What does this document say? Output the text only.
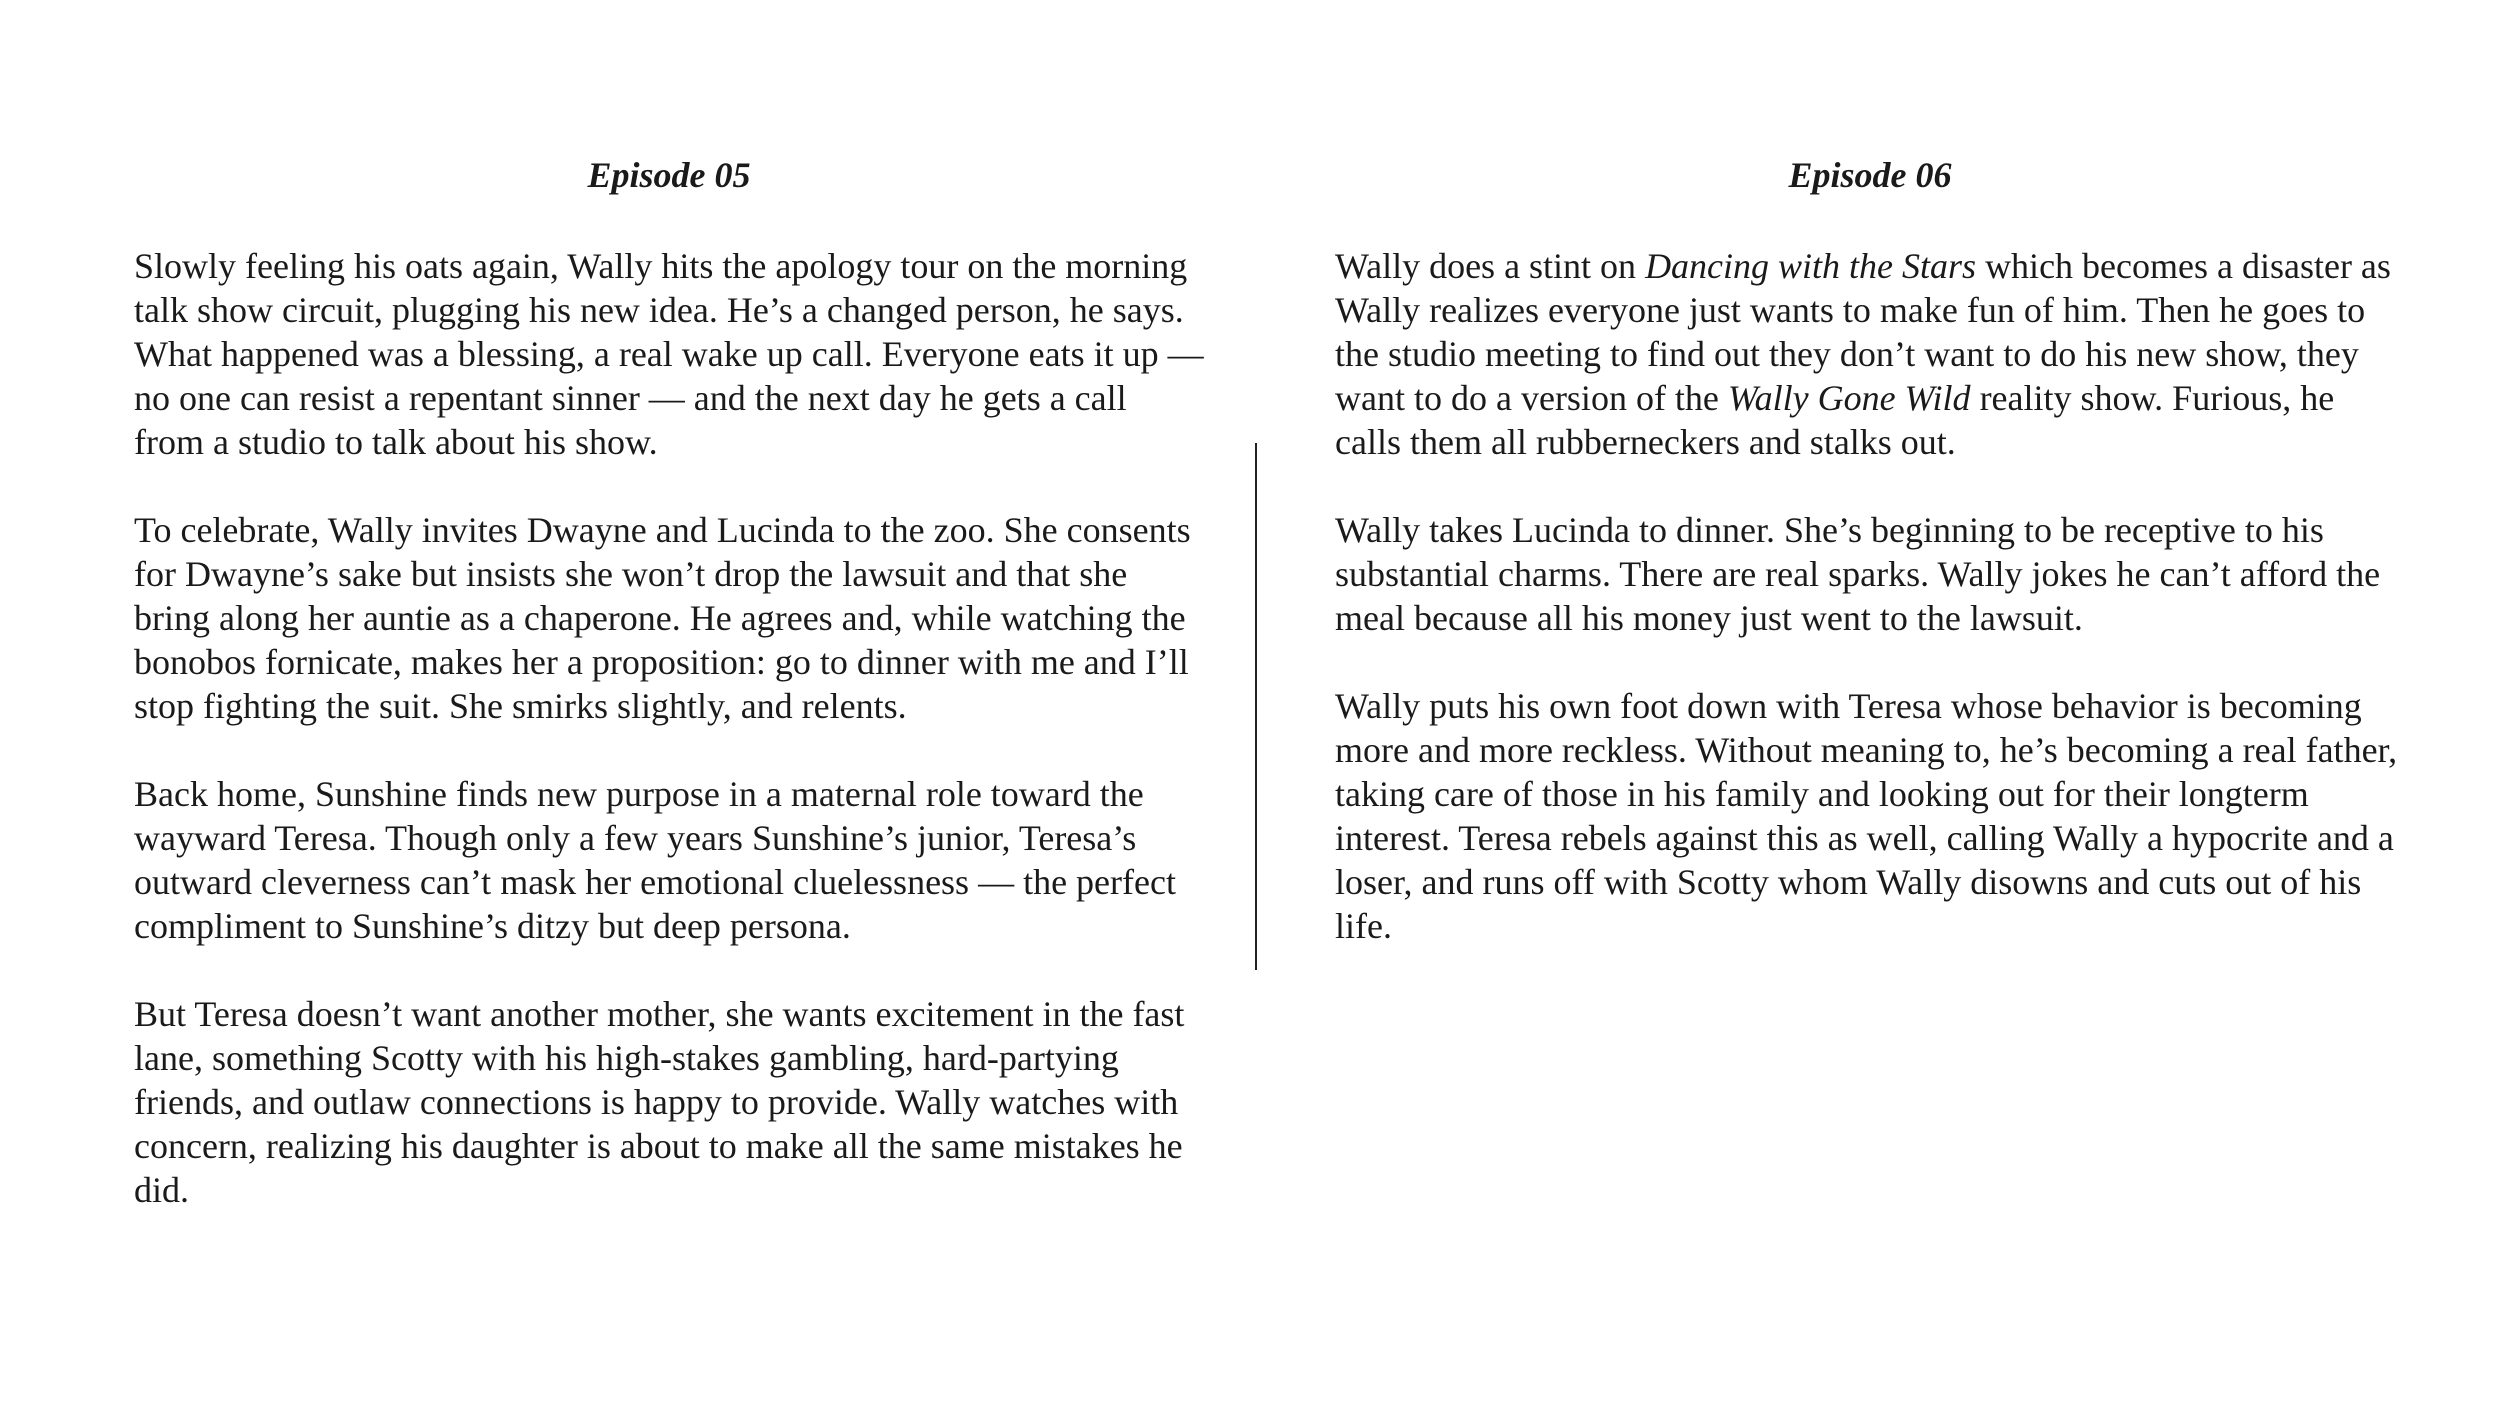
Episode 05

Slowly feeling his oats again, Wally hits the apology tour on the morning talk show circuit, plugging his new idea. He’s a changed person, he says. What happened was a blessing, a real wake up call. Everyone eats it up — no one can resist a repentant sinner — and the next day he gets a call from a studio to talk about his show.

To celebrate, Wally invites Dwayne and Lucinda to the zoo. She consents for Dwayne’s sake but insists she won’t drop the lawsuit and that she bring along her auntie as a chaperone. He agrees and, while watching the bonobos fornicate, makes her a proposition: go to dinner with me and I’ll stop fighting the suit. She smirks slightly, and relents.

Back home, Sunshine finds new purpose in a maternal role toward the wayward Teresa. Though only a few years Sunshine’s junior, Teresa’s outward cleverness can’t mask her emotional cluelessness — the perfect compliment to Sunshine’s ditzy but deep persona.

But Teresa doesn’t want another mother, she wants excitement in the fast lane, something Scotty with his high-stakes gambling, hard-partying friends, and outlaw connections is happy to provide. Wally watches with concern, realizing his daughter is about to make all the same mistakes he did.

Episode 06

Wally does a stint on Dancing with the Stars which becomes a disaster as Wally realizes everyone just wants to make fun of him. Then he goes to the studio meeting to find out they don’t want to do his new show, they want to do a version of the Wally Gone Wild reality show. Furious, he calls them all rubberneckers and stalks out.

Wally takes Lucinda to dinner. She’s beginning to be receptive to his substantial charms. There are real sparks. Wally jokes he can’t afford the meal because all his money just went to the lawsuit.

Wally puts his own foot down with Teresa whose behavior is becoming more and more reckless. Without meaning to, he’s becoming a real father, taking care of those in his family and looking out for their longterm interest. Teresa rebels against this as well, calling Wally a hypocrite and a loser, and runs off with Scotty whom Wally disowns and cuts out of his life.
